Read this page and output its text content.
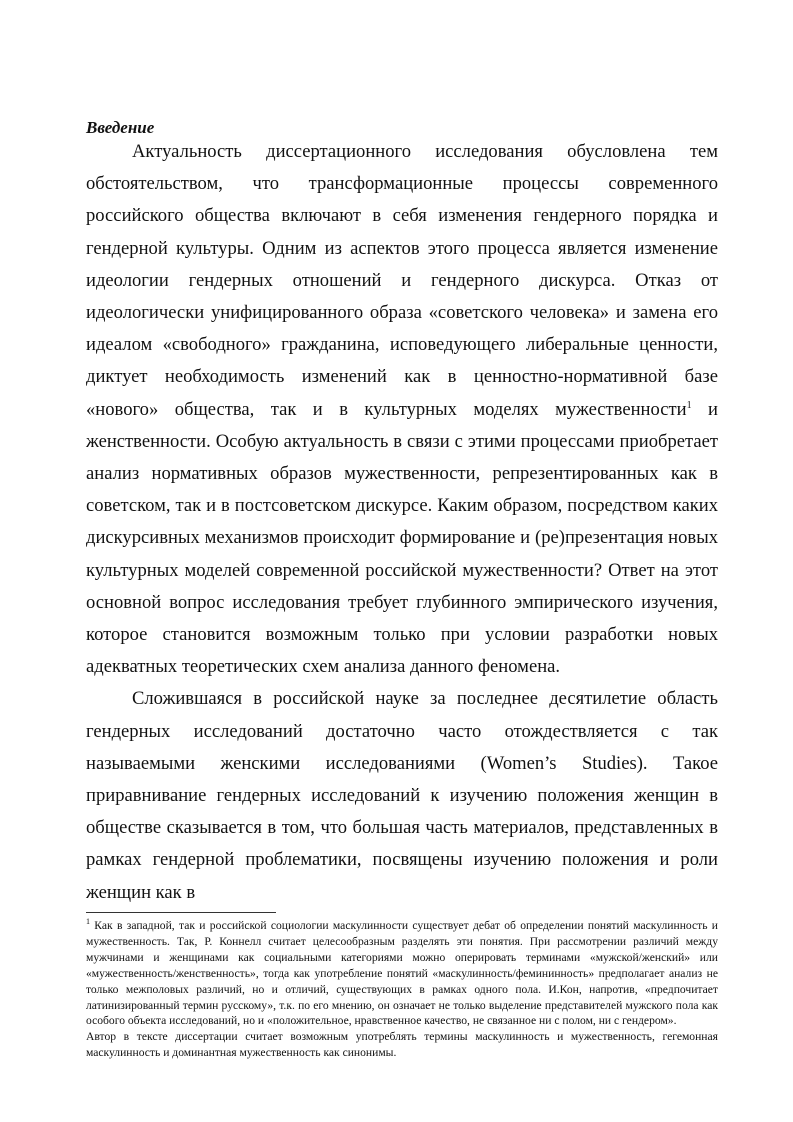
Введение

Актуальность диссертационного исследования обусловлена тем обстоятельством, что трансформационные процессы современного российского общества включают в себя изменения гендерного порядка и гендерной культуры. Одним из аспектов этого процесса является изменение идеологии гендерных отношений и гендерного дискурса. Отказ от идеологически унифицированного образа «советского человека» и замена его идеалом «свободного» гражданина, исповедующего либеральные ценности, диктует необходимость изменений как в ценностно-нормативной базе «нового» общества, так и в культурных моделях мужественности$^1$ и женственности. Особую актуальность в связи с этими процессами приобретает анализ нормативных образов мужественности, репрезентированных как в советском, так и в постсоветском дискурсе. Каким образом, посредством каких дискурсивных механизмов происходит формирование и (ре)презентация новых культурных моделей современной российской мужественности? Ответ на этот основной вопрос исследования требует глубинного эмпирического изучения, которое становится возможным только при условии разработки новых адекватных теоретических схем анализа данного феномена.

Сложившаяся в российской науке за последнее десятилетие область гендерных исследований достаточно часто отождествляется с так называемыми женскими исследованиями (Women’s Studies). Такое приравнивание гендерных исследований к изучению положения женщин в обществе сказывается в том, что большая часть материалов, представленных в рамках гендерной проблематики, посвящены изучению положения и роли женщин как в

$^1$ Как в западной, так и российской социологии маскулинности существует дебат об определении понятий маскулинность и мужественность. Так, Р. Коннелл считает целесообразным разделять эти понятия. При рассмотрении различий между мужчинами и женщинами как социальными категориями можно оперировать терминами «мужской/женский» или «мужественность/женственность», тогда как употребление понятий «маскулинность/фемининность» предполагает анализ не только межполовых различий, но и отличий, существующих в рамках одного пола. И.Кон, напротив, «предпочитает латинизированный термин русскому», т.к. по его мнению, он означает не только выделение представителей мужского пола как особого объекта исследований, но и «положительное, нравственное качество, не связанное ни с полом, ни с гендером».

Автор в тексте диссертации считает возможным употреблять термины маскулинность и мужественность, гегемонная маскулинность и доминантная мужественность как синонимы.
